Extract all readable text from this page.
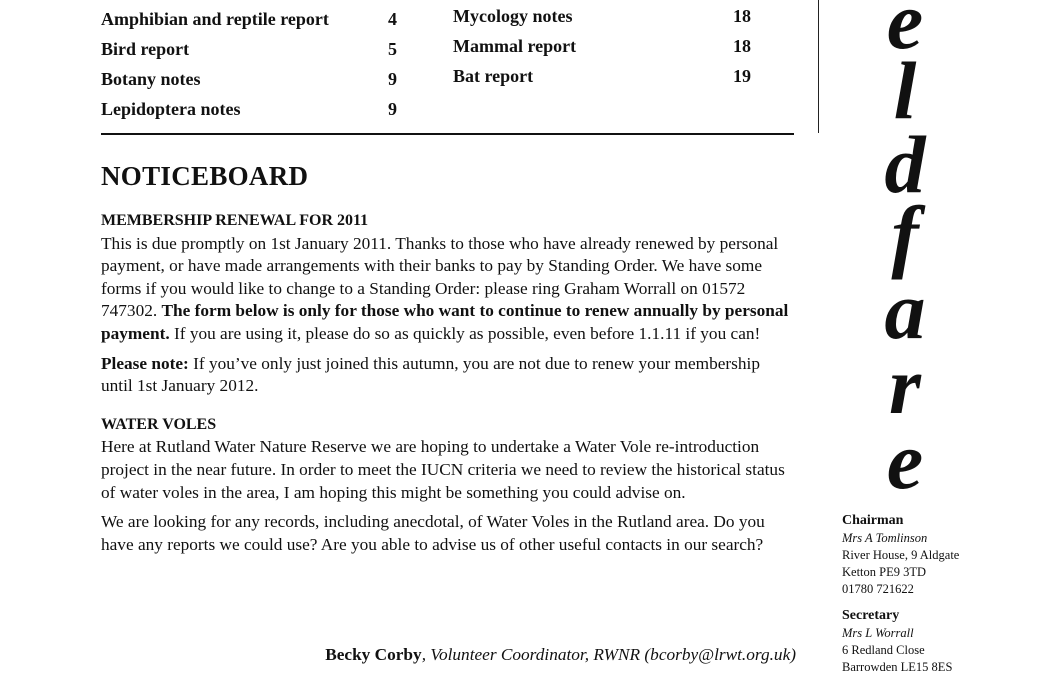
Amphibian and reptile report	4
Bird report	5
Botany notes	9
Lepidoptera notes	9
Mycology notes	18
Mammal report	18
Bat report	19
NOTICEBOARD

MEMBERSHIP RENEWAL FOR 2011

This is due promptly on 1st January 2011. Thanks to those who have already renewed by personal payment, or have made arrangements with their banks to pay by Standing Order. We have some forms if you would like to change to a Standing Order: please ring Graham Worrall on 01572 747302. The form below is only for those who want to continue to renew annually by personal payment. If you are using it, please do so as quickly as possible, even before 1.1.11 if you can!

Please note: If you’ve only just joined this autumn, you are not due to renew your membership until 1st January 2012.

WATER VOLES

Here at Rutland Water Nature Reserve we are hoping to undertake a Water Vole re-introduction project in the near future. In order to meet the IUCN criteria we need to review the historical status of water voles in the area, I am hoping this might be something you could advise on.

We are looking for any records, including anecdotal, of Water Voles in the Rutland area. Do you have any reports we could use? Are you able to advise us of other useful contacts in our search?

Becky Corby, Volunteer Coordinator, RWNR (bcorby@lrwt.org.uk)
e
l
d
f
a
r
e
Chairman
Mrs A Tomlinson
River House, 9 Aldgate
Ketton PE9 3TD
01780 721622
Secretary
Mrs L Worrall
6 Redland Close
Barrowden LE15 8ES
